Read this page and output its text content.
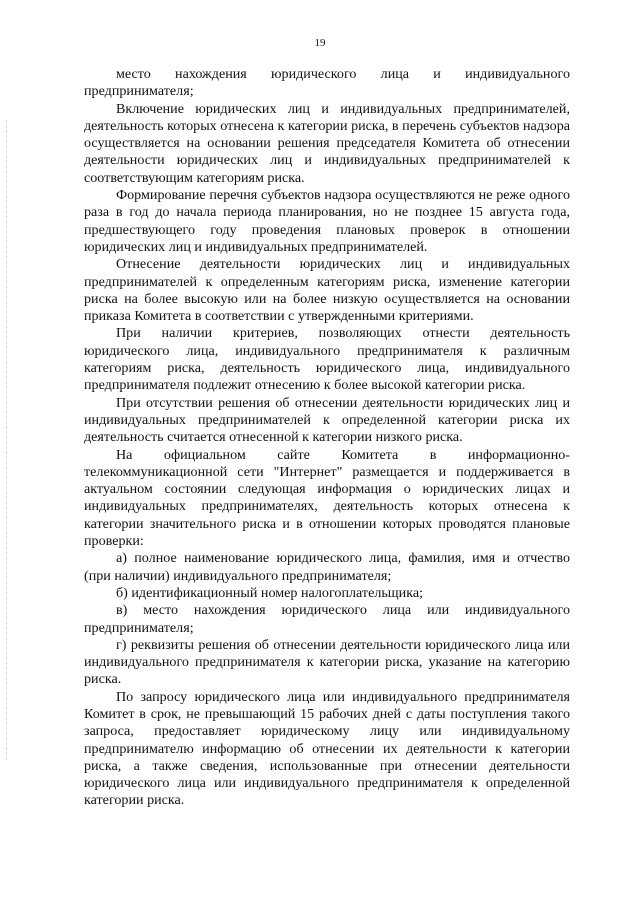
19

место нахождения юридического лица и индивидуального предпринимателя;

Включение юридических лиц и индивидуальных предпринимателей, деятельность которых отнесена к категории риска, в перечень субъектов надзора осуществляется на основании решения председателя Комитета об отнесении деятельности юридических лиц и индивидуальных предпринимателей к соответствующим категориям риска.

Формирование перечня субъектов надзора осуществляются не реже одного раза в год до начала периода планирования, но не позднее 15 августа года, предшествующего году проведения плановых проверок в отношении юридических лиц и индивидуальных предпринимателей.

Отнесение деятельности юридических лиц и индивидуальных предпринимателей к определенным категориям риска, изменение категории риска на более высокую или на более низкую осуществляется на основании приказа Комитета в соответствии с утвержденными критериями.

При наличии критериев, позволяющих отнести деятельность юридического лица, индивидуального предпринимателя к различным категориям риска, деятельность юридического лица, индивидуального предпринимателя подлежит отнесению к более высокой категории риска.

При отсутствии решения об отнесении деятельности юридических лиц и индивидуальных предпринимателей к определенной категории риска их деятельность считается отнесенной к категории низкого риска.

На официальном сайте Комитета в информационно-телекоммуникационной сети "Интернет" размещается и поддерживается в актуальном состоянии следующая информация о юридических лицах и индивидуальных предпринимателях, деятельность которых отнесена к категории значительного риска и в отношении которых проводятся плановые проверки:

а) полное наименование юридического лица, фамилия, имя и отчество (при наличии) индивидуального предпринимателя;

б) идентификационный номер налогоплательщика;

в) место нахождения юридического лица или индивидуального предпринимателя;

г) реквизиты решения об отнесении деятельности юридического лица или индивидуального предпринимателя к категории риска, указание на категорию риска.

По запросу юридического лица или индивидуального предпринимателя Комитет в срок, не превышающий 15 рабочих дней с даты поступления такого запроса, предоставляет юридическому лицу или индивидуальному предпринимателю информацию об отнесении их деятельности к категории риска, а также сведения, использованные при отнесении деятельности юридического лица или индивидуального предпринимателя к определенной категории риска.
